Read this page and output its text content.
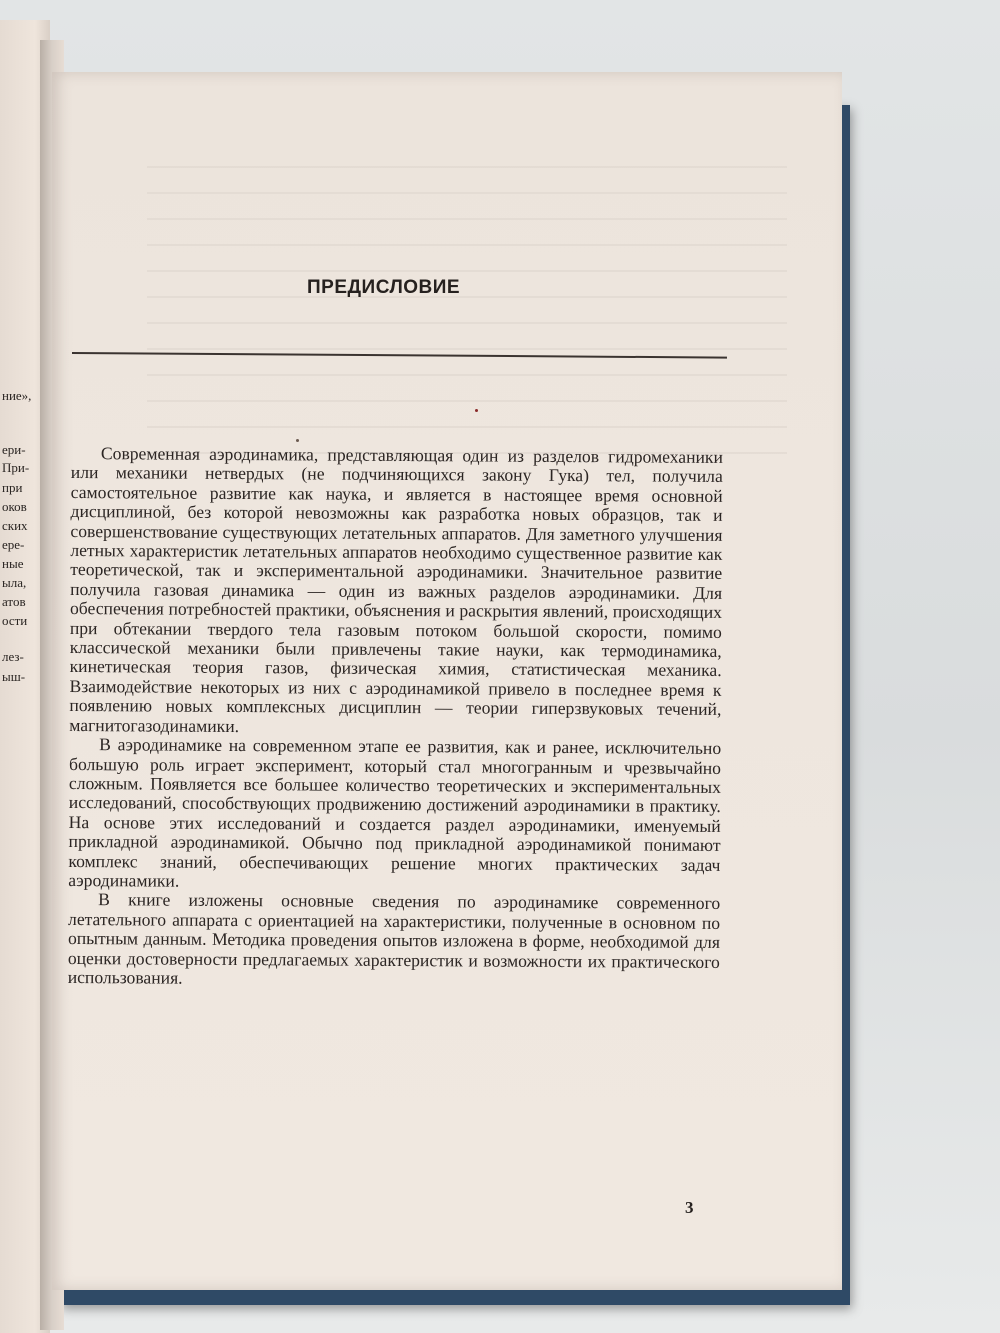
ние»,
ери-
При-
при
оков
ских
ере-
ные
ыла,
атов
ости
лез-
ыш-
ПРЕДИСЛОВИЕ

Современная аэродинамика, представляющая один из разделов гидромеханики или механики нетвердых (не подчиняющихся закону Гука) тел, получила самостоятельное развитие как наука, и является в настоящее время основной дисциплиной, без которой невозможны как разработка новых образцов, так и совершенствование существующих летательных аппаратов. Для заметного улучшения летных характеристик летательных аппаратов необходимо существенное развитие как теоретической, так и экспериментальной аэродинамики. Значительное развитие получила газовая динамика — один из важных разделов аэродинамики. Для обеспечения потребностей практики, объяснения и раскрытия явлений, происходящих при обтекании твердого тела газовым потоком большой скорости, помимо классической механики были привлечены такие науки, как термодинамика, кинетическая теория газов, физическая химия, статистическая механика. Взаимодействие некоторых из них с аэродинамикой привело в последнее время к появлению новых комплексных дисциплин — теории гиперзвуковых течений, магнитогазодинамики.

В аэродинамике на современном этапе ее развития, как и ранее, исключительно большую роль играет эксперимент, который стал многогранным и чрезвычайно сложным. Появляется все большее количество теоретических и экспериментальных исследований, способствующих продвижению достижений аэродинамики в практику. На основе этих исследований и создается раздел аэродинамики, именуемый прикладной аэродинамикой. Обычно под прикладной аэродинамикой понимают комплекс знаний, обеспечивающих решение многих практических задач аэродинамики.

В книге изложены основные сведения по аэродинамике современного летательного аппарата с ориентацией на характеристики, полученные в основном по опытным данным. Методика проведения опытов изложена в форме, необходимой для оценки достоверности предлагаемых характеристик и возможности их практического использования.

3
